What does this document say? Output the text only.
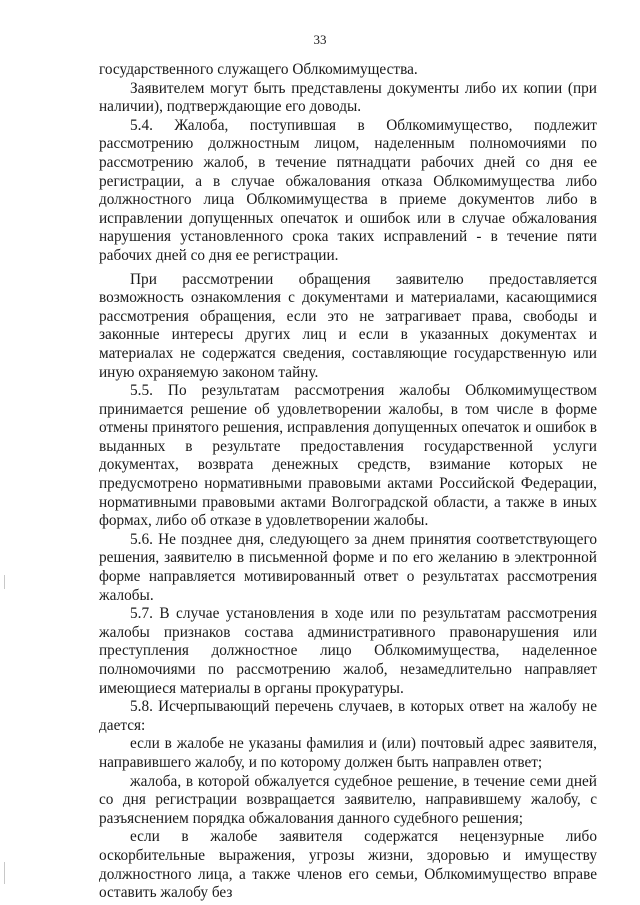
33

государственного служащего Облкомимущества.

Заявителем могут быть представлены документы либо их копии (при наличии), подтверждающие его доводы.

5.4. Жалоба, поступившая в Облкомимущество, подлежит рассмотрению должностным лицом, наделенным полномочиями по рассмотрению жалоб, в течение пятнадцати рабочих дней со дня ее регистрации, а в случае обжалования отказа Облкомимущества либо должностного лица Облкомимущества в приеме документов либо в исправлении допущенных опечаток и ошибок или в случае обжалования нарушения установленного срока таких исправлений - в течение пяти рабочих дней со дня ее регистрации.

При рассмотрении обращения заявителю предоставляется возможность ознакомления с документами и материалами, касающимися рассмотрения обращения, если это не затрагивает права, свободы и законные интересы других лиц и если в указанных документах и материалах не содержатся сведения, составляющие государственную или иную охраняемую законом тайну.

5.5. По результатам рассмотрения жалобы Облкомимуществом принимается решение об удовлетворении жалобы, в том числе в форме отмены принятого решения, исправления допущенных опечаток и ошибок в выданных в результате предоставления государственной услуги документах, возврата денежных средств, взимание которых не предусмотрено нормативными правовыми актами Российской Федерации, нормативными правовыми актами Волгоградской области, а также в иных формах, либо об отказе в удовлетворении жалобы.

5.6. Не позднее дня, следующего за днем принятия соответствующего решения, заявителю в письменной форме и по его желанию в электронной форме направляется мотивированный ответ о результатах рассмотрения жалобы.

5.7. В случае установления в ходе или по результатам рассмотрения жалобы признаков состава административного правонарушения или преступления должностное лицо Облкомимущества, наделенное полномочиями по рассмотрению жалоб, незамедлительно направляет имеющиеся материалы в органы прокуратуры.

5.8. Исчерпывающий перечень случаев, в которых ответ на жалобу не дается:

если в жалобе не указаны фамилия и (или) почтовый адрес заявителя, направившего жалобу, и по которому должен быть направлен ответ;

жалоба, в которой обжалуется судебное решение, в течение семи дней со дня регистрации возвращается заявителю, направившему жалобу, с разъяснением порядка обжалования данного судебного решения;

если в жалобе заявителя содержатся нецензурные либо оскорбительные выражения, угрозы жизни, здоровью и имуществу должностного лица, а также членов его семьи, Облкомимущество вправе оставить жалобу без
